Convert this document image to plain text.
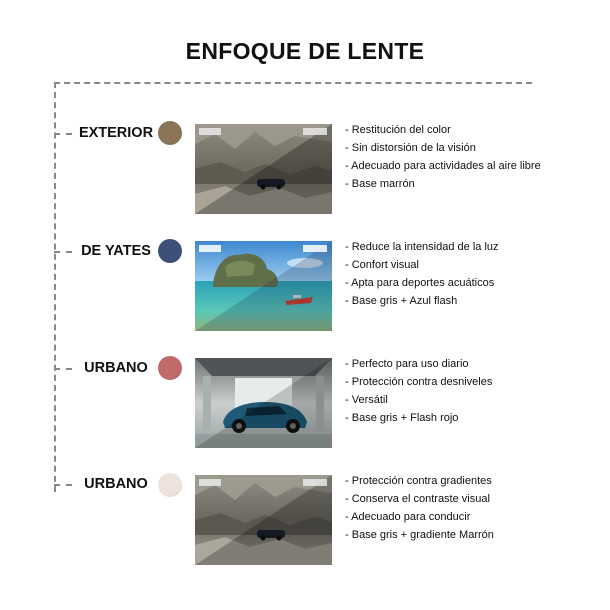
ENFOQUE DE LENTE
EXTERIOR	- Restitución del color
- Sin distorsión de la visión
- Adecuado para actividades al aire libre
- Base marrón
DE YATES	- Reduce la intensidad de la luz
- Confort visual
- Apta para deportes acuáticos
- Base gris + Azul flash
URBANO	- Perfecto para uso diario
- Protección contra desniveles
- Versátil
- Base gris + Flash rojo
URBANO	- Protección contra gradientes
- Conserva el contraste visual
- Adecuado para conducir
- Base gris + gradiente Marrón
